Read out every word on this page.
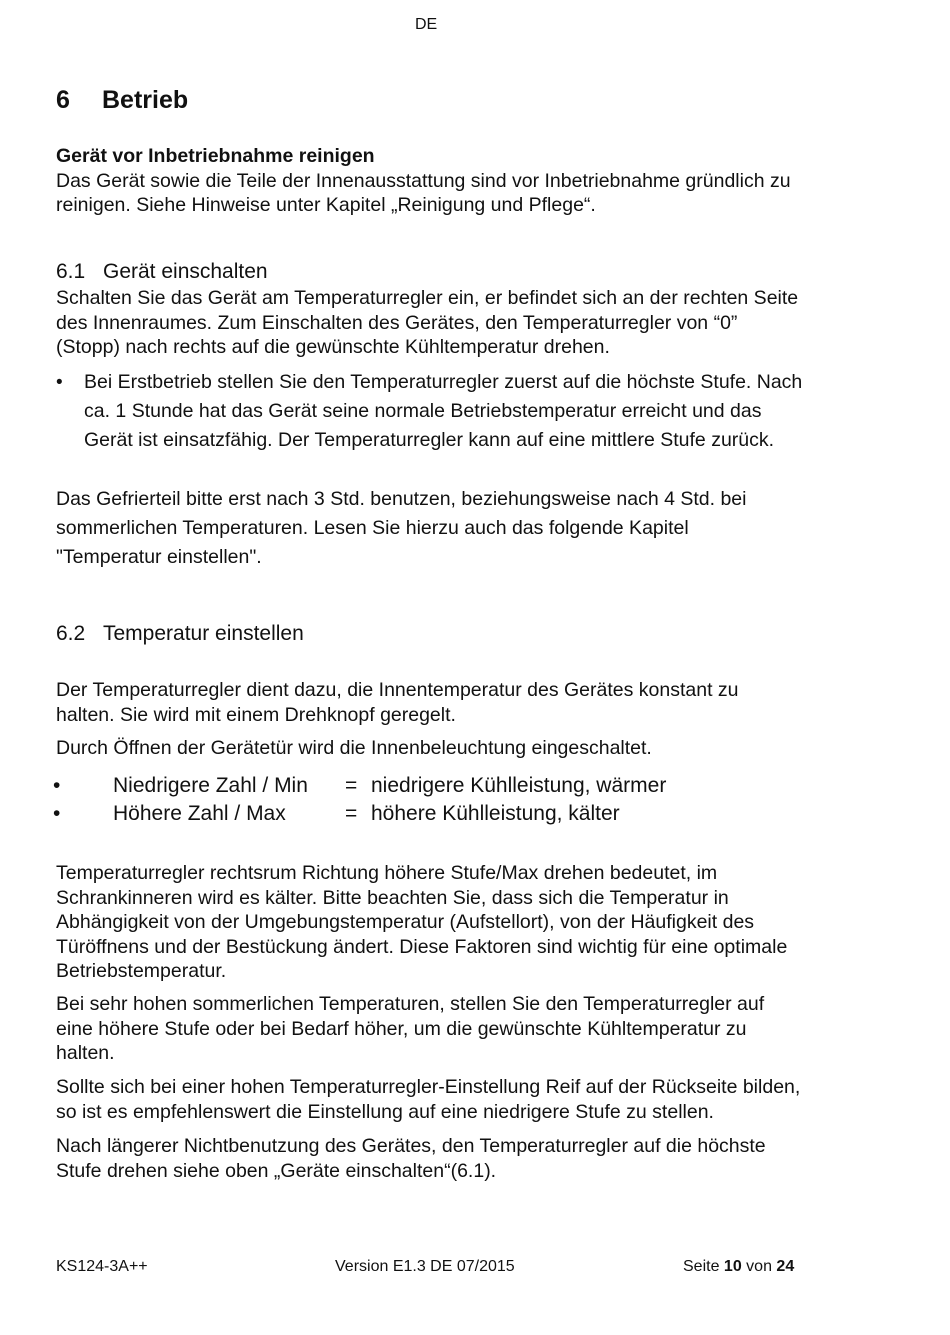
DE
6 Betrieb
Gerät vor Inbetriebnahme reinigen
Das Gerät sowie die Teile der Innenausstattung sind vor Inbetriebnahme gründlich zu
reinigen. Siehe Hinweise unter Kapitel „Reinigung und Pflege“.
6.1 Gerät einschalten
Schalten Sie das Gerät am Temperaturregler ein, er befindet sich an der rechten Seite
des Innenraumes. Zum Einschalten des Gerätes, den Temperaturregler von “0”
(Stopp) nach rechts auf die gewünschte Kühltemperatur drehen.
• Bei Erstbetrieb stellen Sie den Temperaturregler zuerst auf die höchste Stufe. Nach
ca. 1 Stunde hat das Gerät seine normale Betriebstemperatur erreicht und das
Gerät ist einsatzfähig. Der Temperaturregler kann auf eine mittlere Stufe zurück.
Das Gefrierteil bitte erst nach 3 Std. benutzen, beziehungsweise nach 4 Std. bei
sommerlichen Temperaturen. Lesen Sie hierzu auch das folgende Kapitel
"Temperatur einstellen".
6.2 Temperatur einstellen
Der Temperaturregler dient dazu, die Innentemperatur des Gerätes konstant zu
halten. Sie wird mit einem Drehknopf geregelt.
Durch Öffnen der Gerätetür wird die Innenbeleuchtung eingeschaltet.
•	Niedrigere Zahl / Min = niedrigere Kühlleistung, wärmer
•	Höhere Zahl / Max	= höhere Kühlleistung, kälter
Temperaturregler rechtsrum Richtung höhere Stufe/Max drehen bedeutet, im
Schrankinneren wird es kälter. Bitte beachten Sie, dass sich die Temperatur in
Abhängigkeit von der Umgebungstemperatur (Aufstellort), von der Häufigkeit des
Türöffnens und der Bestückung ändert. Diese Faktoren sind wichtig für eine optimale
Betriebstemperatur.
Bei sehr hohen sommerlichen Temperaturen, stellen Sie den Temperaturregler auf
eine höhere Stufe oder bei Bedarf höher, um die gewünschte Kühltemperatur zu
halten.
Sollte sich bei einer hohen Temperaturregler-Einstellung Reif auf der Rückseite bilden,
so ist es empfehlenswert die Einstellung auf eine niedrigere Stufe zu stellen.
Nach längerer Nichtbenutzung des Gerätes, den Temperaturregler auf die höchste
Stufe drehen siehe oben „Geräte einschalten“(6.1).
KS124-3A++	Version E1.3 DE 07/2015	Seite 10 von 24
